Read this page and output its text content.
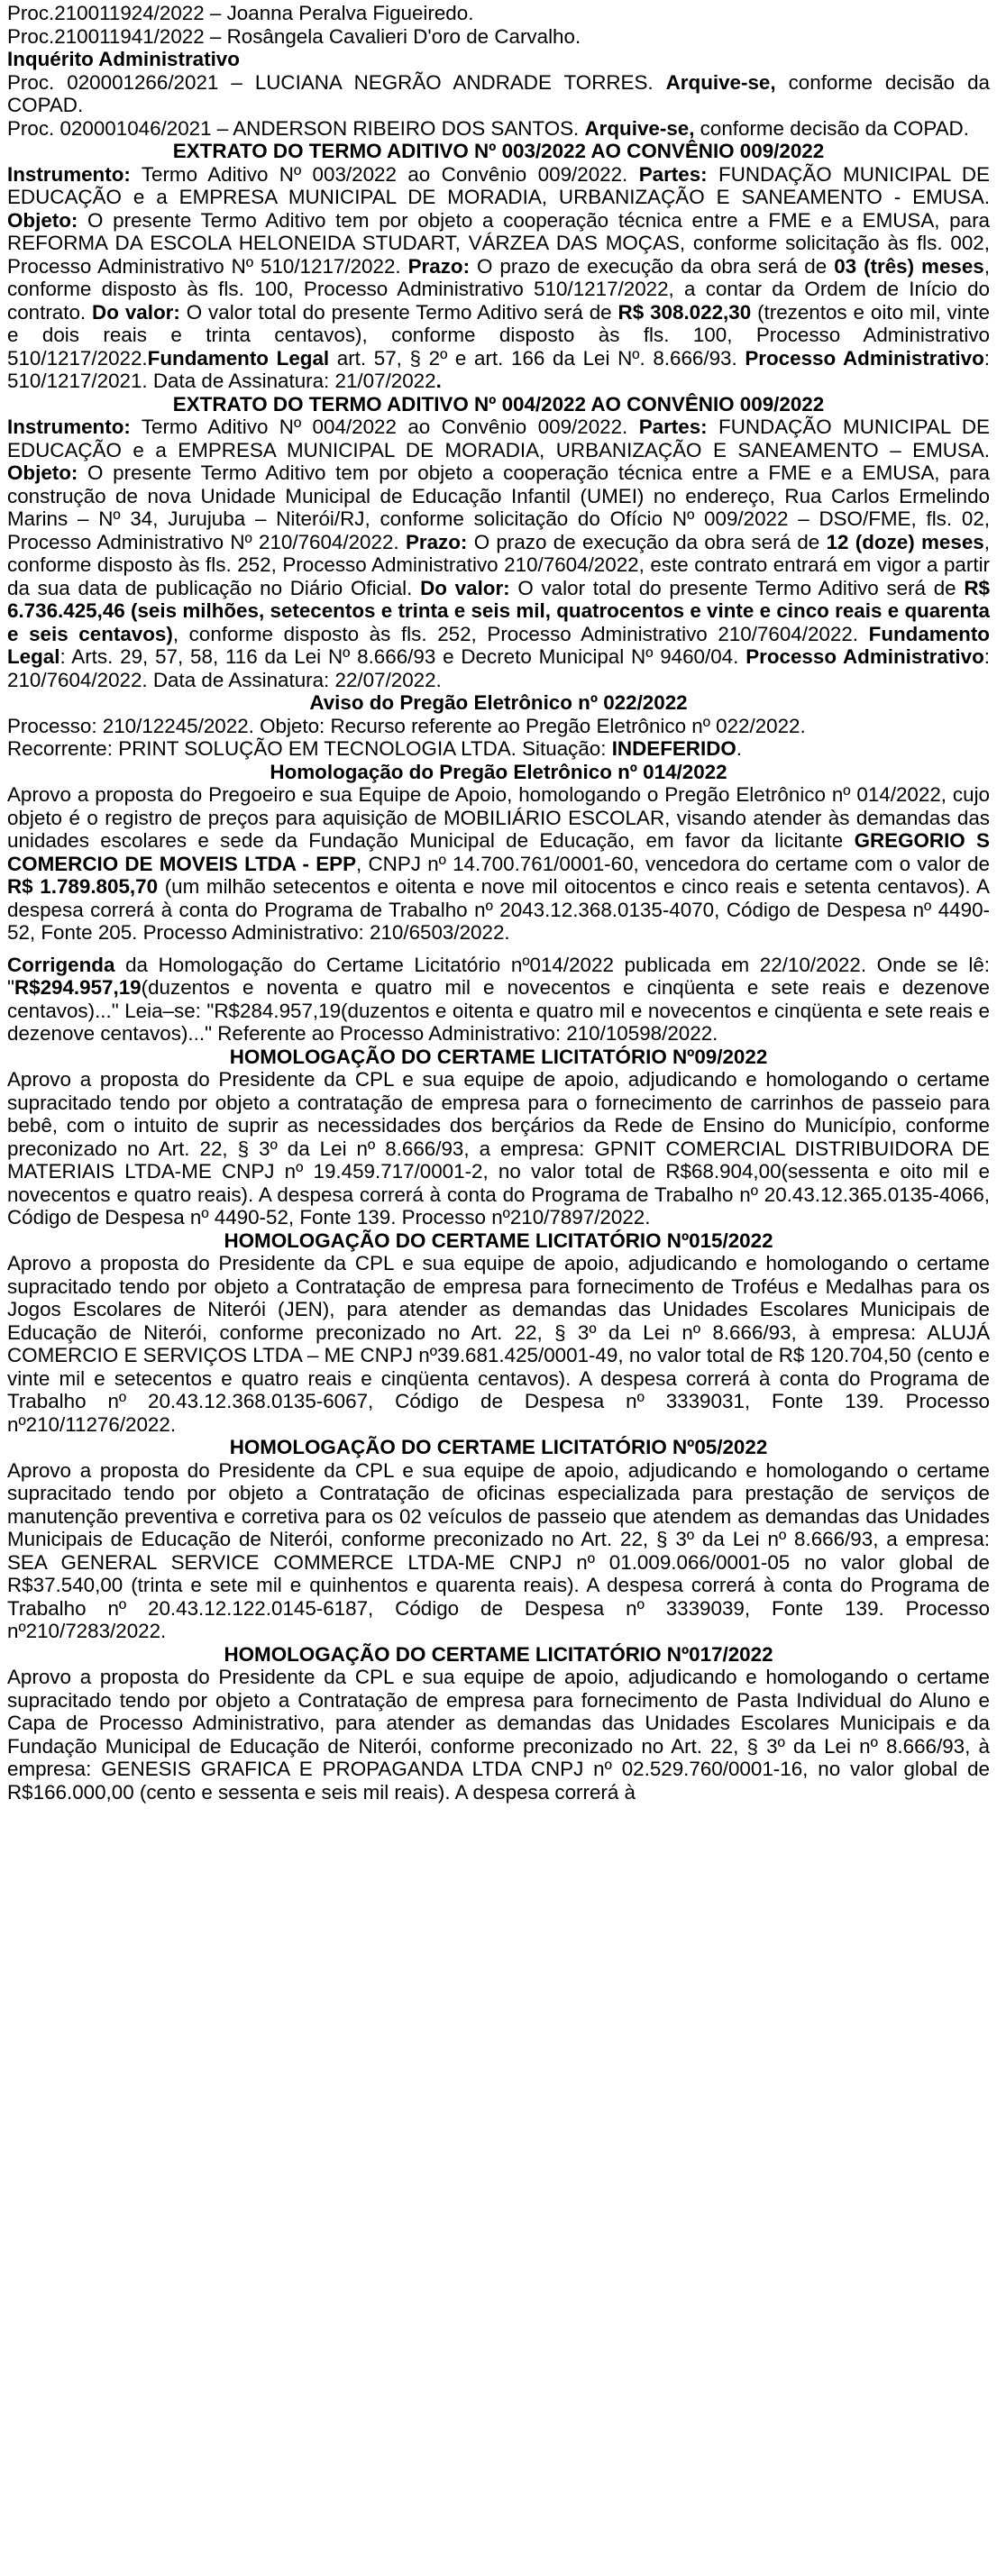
Proc.210011924/2022 – Joanna Peralva Figueiredo.

Proc.210011941/2022 – Rosângela Cavalieri D'oro de Carvalho.

Inquérito Administrativo

Proc. 020001266/2021 – LUCIANA NEGRÃO ANDRADE TORRES. Arquive-se, conforme decisão da COPAD.

Proc. 020001046/2021 – ANDERSON RIBEIRO DOS SANTOS. Arquive-se, conforme decisão da COPAD.

EXTRATO DO TERMO ADITIVO Nº 003/2022 AO CONVÊNIO 009/2022

Instrumento: Termo Aditivo Nº 003/2022 ao Convênio 009/2022. Partes: FUNDAÇÃO MUNICIPAL DE EDUCAÇÃO e a EMPRESA MUNICIPAL DE MORADIA, URBANIZAÇÃO E SANEAMENTO - EMUSA. Objeto: O presente Termo Aditivo tem por objeto a cooperação técnica entre a FME e a EMUSA, para REFORMA DA ESCOLA HELONEIDA STUDART, VÁRZEA DAS MOÇAS, conforme solicitação às fls. 002, Processo Administrativo Nº 510/1217/2022. Prazo: O prazo de execução da obra será de 03 (três) meses, conforme disposto às fls. 100, Processo Administrativo 510/1217/2022, a contar da Ordem de Início do contrato. Do valor: O valor total do presente Termo Aditivo será de R$ 308.022,30 (trezentos e oito mil, vinte e dois reais e trinta centavos), conforme disposto às fls. 100, Processo Administrativo 510/1217/2022.Fundamento Legal art. 57, § 2º e art. 166 da Lei Nº. 8.666/93. Processo Administrativo: 510/1217/2021. Data de Assinatura: 21/07/2022.

EXTRATO DO TERMO ADITIVO Nº 004/2022 AO CONVÊNIO 009/2022

Instrumento: Termo Aditivo Nº 004/2022 ao Convênio 009/2022. Partes: FUNDAÇÃO MUNICIPAL DE EDUCAÇÃO e a EMPRESA MUNICIPAL DE MORADIA, URBANIZAÇÃO E SANEAMENTO – EMUSA. Objeto: O presente Termo Aditivo tem por objeto a cooperação técnica entre a FME e a EMUSA, para construção de nova Unidade Municipal de Educação Infantil (UMEI) no endereço, Rua Carlos Ermelindo Marins – Nº 34, Jurujuba – Niterói/RJ, conforme solicitação do Ofício Nº 009/2022 – DSO/FME, fls. 02, Processo Administrativo Nº 210/7604/2022. Prazo: O prazo de execução da obra será de 12 (doze) meses, conforme disposto às fls. 252, Processo Administrativo 210/7604/2022, este contrato entrará em vigor a partir da sua data de publicação no Diário Oficial. Do valor: O valor total do presente Termo Aditivo será de R$ 6.736.425,46 (seis milhões, setecentos e trinta e seis mil, quatrocentos e vinte e cinco reais e quarenta e seis centavos), conforme disposto às fls. 252, Processo Administrativo 210/7604/2022. Fundamento Legal: Arts. 29, 57, 58, 116 da Lei Nº 8.666/93 e Decreto Municipal Nº 9460/04. Processo Administrativo: 210/7604/2022. Data de Assinatura: 22/07/2022.

Aviso do Pregão Eletrônico nº 022/2022

Processo: 210/12245/2022. Objeto: Recurso referente ao Pregão Eletrônico nº 022/2022.

Recorrente: PRINT SOLUÇÃO EM TECNOLOGIA LTDA. Situação: INDEFERIDO.

Homologação do Pregão Eletrônico nº 014/2022

Aprovo a proposta do Pregoeiro e sua Equipe de Apoio, homologando o Pregão Eletrônico nº 014/2022, cujo objeto é o registro de preços para aquisição de MOBILIÁRIO ESCOLAR, visando atender às demandas das unidades escolares e sede da Fundação Municipal de Educação, em favor da licitante GREGORIO S COMERCIO DE MOVEIS LTDA - EPP, CNPJ nº 14.700.761/0001-60, vencedora do certame com o valor de R$ 1.789.805,70 (um milhão setecentos e oitenta e nove mil oitocentos e cinco reais e setenta centavos). A despesa correrá à conta do Programa de Trabalho nº 2043.12.368.0135-4070, Código de Despesa nº 4490-52, Fonte 205. Processo Administrativo: 210/6503/2022.

Corrigenda da Homologação do Certame Licitatório nº014/2022 publicada em 22/10/2022. Onde se lê: "R$294.957,19(duzentos e noventa e quatro mil e novecentos e cinqüenta e sete reais e dezenove centavos)..." Leia–se: "R$284.957,19(duzentos e oitenta e quatro mil e novecentos e cinqüenta e sete reais e dezenove centavos)..." Referente ao Processo Administrativo: 210/10598/2022.

HOMOLOGAÇÃO DO CERTAME LICITATÓRIO Nº09/2022

Aprovo a proposta do Presidente da CPL e sua equipe de apoio, adjudicando e homologando o certame supracitado tendo por objeto a contratação de empresa para o fornecimento de carrinhos de passeio para bebê, com o intuito de suprir as necessidades dos berçários da Rede de Ensino do Município, conforme preconizado no Art. 22, § 3º da Lei nº 8.666/93, a empresa: GPNIT COMERCIAL DISTRIBUIDORA DE MATERIAIS LTDA-ME CNPJ nº 19.459.717/0001-2, no valor total de R$68.904,00(sessenta e oito mil e novecentos e quatro reais). A despesa correrá à conta do Programa de Trabalho nº 20.43.12.365.0135-4066, Código de Despesa nº 4490-52, Fonte 139. Processo nº210/7897/2022.

HOMOLOGAÇÃO DO CERTAME LICITATÓRIO Nº015/2022

Aprovo a proposta do Presidente da CPL e sua equipe de apoio, adjudicando e homologando o certame supracitado tendo por objeto a Contratação de empresa para fornecimento de Troféus e Medalhas para os Jogos Escolares de Niterói (JEN), para atender as demandas das Unidades Escolares Municipais de Educação de Niterói, conforme preconizado no Art. 22, § 3º da Lei nº 8.666/93, à empresa: ALUJÁ COMERCIO E SERVIÇOS LTDA – ME CNPJ nº39.681.425/0001-49, no valor total de R$ 120.704,50 (cento e vinte mil e setecentos e quatro reais e cinqüenta centavos). A despesa correrá à conta do Programa de Trabalho nº 20.43.12.368.0135-6067, Código de Despesa nº 3339031, Fonte 139. Processo nº210/11276/2022.

HOMOLOGAÇÃO DO CERTAME LICITATÓRIO Nº05/2022

Aprovo a proposta do Presidente da CPL e sua equipe de apoio, adjudicando e homologando o certame supracitado tendo por objeto a Contratação de oficinas especializada para prestação de serviços de manutenção preventiva e corretiva para os 02 veículos de passeio que atendem as demandas das Unidades Municipais de Educação de Niterói, conforme preconizado no Art. 22, § 3º da Lei nº 8.666/93, a empresa: SEA GENERAL SERVICE COMMERCE LTDA-ME CNPJ nº 01.009.066/0001-05 no valor global de R$37.540,00 (trinta e sete mil e quinhentos e quarenta reais). A despesa correrá à conta do Programa de Trabalho nº 20.43.12.122.0145-6187, Código de Despesa nº 3339039, Fonte 139. Processo nº210/7283/2022.

HOMOLOGAÇÃO DO CERTAME LICITATÓRIO Nº017/2022

Aprovo a proposta do Presidente da CPL e sua equipe de apoio, adjudicando e homologando o certame supracitado tendo por objeto a Contratação de empresa para fornecimento de Pasta Individual do Aluno e Capa de Processo Administrativo, para atender as demandas das Unidades Escolares Municipais e da Fundação Municipal de Educação de Niterói, conforme preconizado no Art. 22, § 3º da Lei nº 8.666/93, à empresa: GENESIS GRAFICA E PROPAGANDA LTDA CNPJ nº 02.529.760/0001-16, no valor global de R$166.000,00 (cento e sessenta e seis mil reais). A despesa correrá à
